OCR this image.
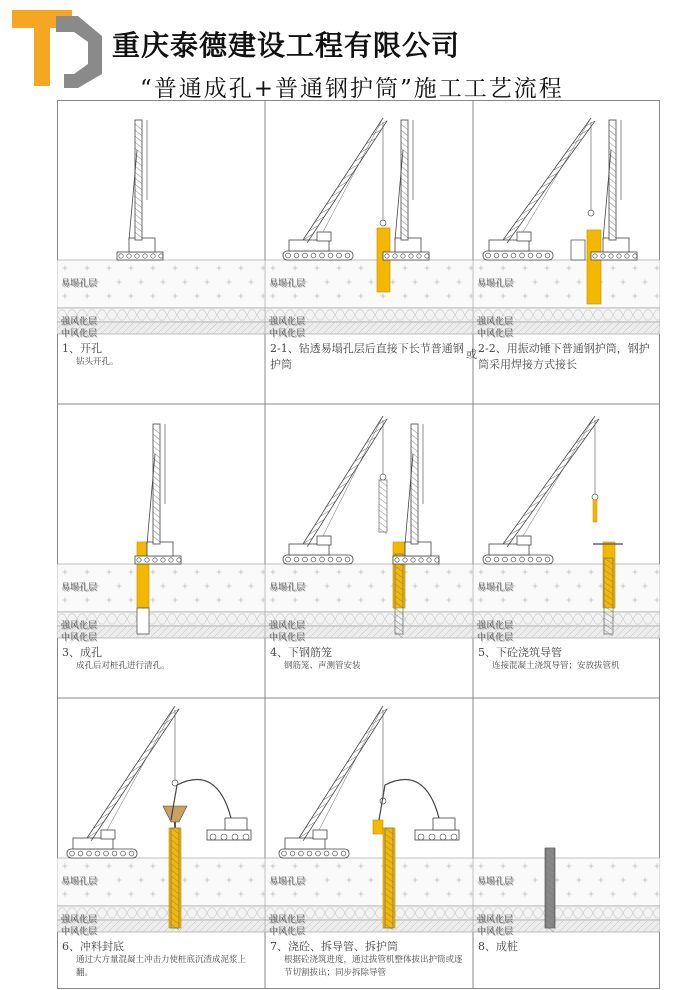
重庆泰德建设工程有限公司
“普通成孔+普通钢护筒”施工工艺流程
易塌孔层
强风化层
中风化层
1、开孔
钻头开孔。
易塌孔层
强风化层
中风化层
2-1、钻透易塌孔层后直接下长节普通钢护筒
易塌孔层
强风化层
中风化层
2-2、用振动锤下普通钢护筒，钢护筒采用焊接方式接长
易塌孔层
强风化层
中风化层
3、成孔
成孔后对桩孔进行清孔。
易塌孔层
强风化层
中风化层
4、下钢筋笼
钢筋笼、声测管安装
易塌孔层
强风化层
中风化层
5、下砼浇筑导管
连接混凝土浇筑导管；安放拔管机
易塌孔层
强风化层
中风化层
6、冲料封底
通过大方量混凝土冲击力使桩底沉渣成泥浆上翻。
易塌孔层
强风化层
中风化层
7、浇砼、拆导管、拆护筒
根据砼浇筑进度，通过拔管机整体拔出护筒或逐节切割拔出；同步拆除导管
易塌孔层
强风化层
中风化层
8、成桩
或
